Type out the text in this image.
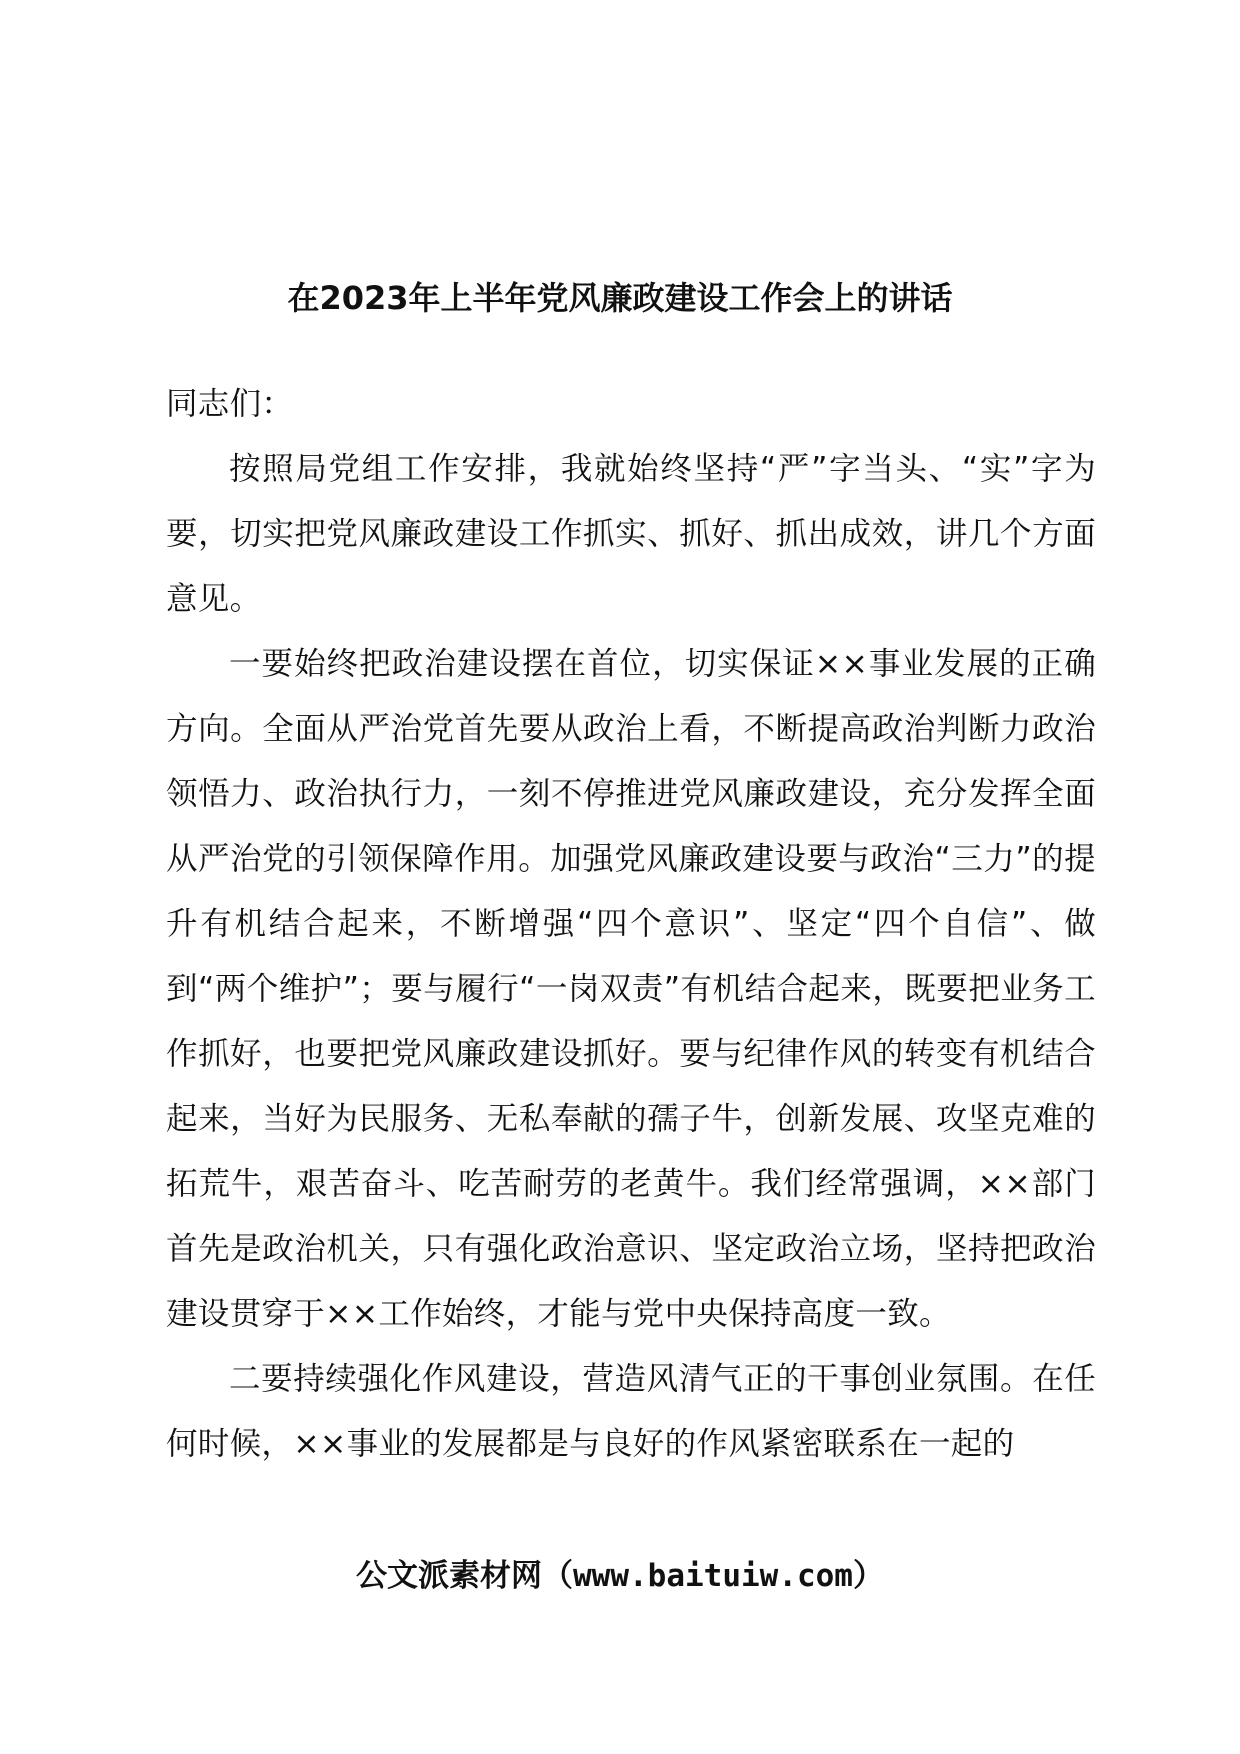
在2023年上半年党风廉政建设工作会上的讲话

同志们：

按照局党组工作安排，我就始终坚持“严”字当头、“实”字为要，切实把党风廉政建设工作抓实、抓好、抓出成效，讲几个方面意见。

一要始终把政治建设摆在首位，切实保证××事业发展的正确方向。全面从严治党首先要从政治上看，不断提高政治判断力政治领悟力、政治执行力，一刻不停推进党风廉政建设，充分发挥全面从严治党的引领保障作用。加强党风廉政建设要与政治“三力”的提升有机结合起来，不断增强“四个意识”、坚定“四个自信”、做到“两个维护”；要与履行“一岗双责”有机结合起来，既要把业务工作抓好，也要把党风廉政建设抓好。要与纪律作风的转变有机结合起来，当好为民服务、无私奉献的孺子牛，创新发展、攻坚克难的拓荒牛，艰苦奋斗、吃苦耐劳的老黄牛。我们经常强调，××部门首先是政治机关，只有强化政治意识、坚定政治立场，坚持把政治建设贯穿于××工作始终，才能与党中央保持高度一致。

二要持续强化作风建设，营造风清气正的干事创业氛围。在任何时候，××事业的发展都是与良好的作风紧密联系在一起的

公文派素材网（www.baituiw.com）
